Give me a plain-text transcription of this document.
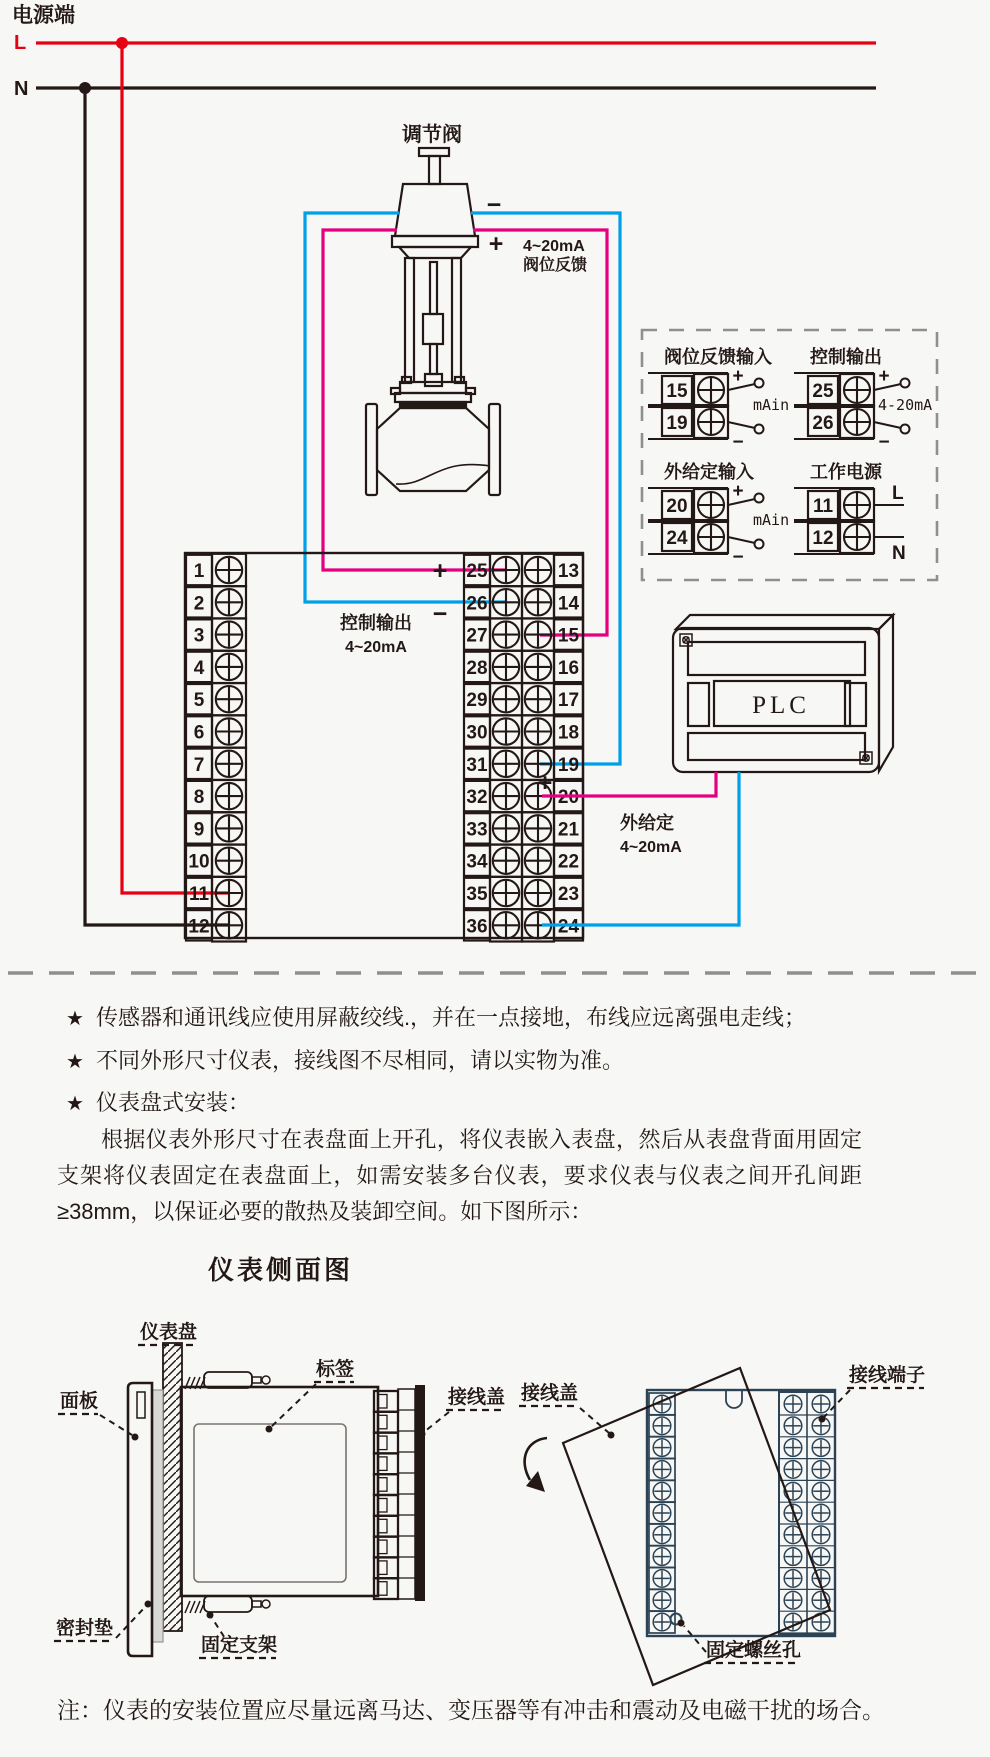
电源端
L
N
调节阀
−
+ 4~20mA
阀位反馈
阀位反馈输入
15
+
19
−
mAin
控制输出
25
+
26
−
4-20mA
外给定输入
20
+
24
−
mAin
工作电源
11
L
12
N
1
2
3
4
5
6
7
8
9
10
11
12
25	13
26	14
27	15
28	16
29	17
30	18
31	19
32	20
33	21
34	22
35	23
36	24
控制输出
4~20mA
+
−
PLC
+
−
外给定
4~20mA
★ 传感器和通讯线应使用屏蔽绞线.，并在一点接地，布线应远离强电走线；
★ 不同外形尺寸仪表，接线图不尽相同，请以实物为准。
★ 仪表盘式安装：
根据仪表外形尺寸在表盘面上开孔，将仪表嵌入表盘，然后从表盘背面用固定支架将仪表固定在表盘面上，如需安装多台仪表，要求仪表与仪表之间开孔间距≥38mm，以保证必要的散热及装卸空间。如下图所示：
仪表侧面图
仪表盘
面板
标签
接线盖 接线盖
接线端子
密封垫
固定支架	固定螺丝孔
注：仪表的安装位置应尽量远离马达、变压器等有冲击和震动及电磁干扰的场合。
